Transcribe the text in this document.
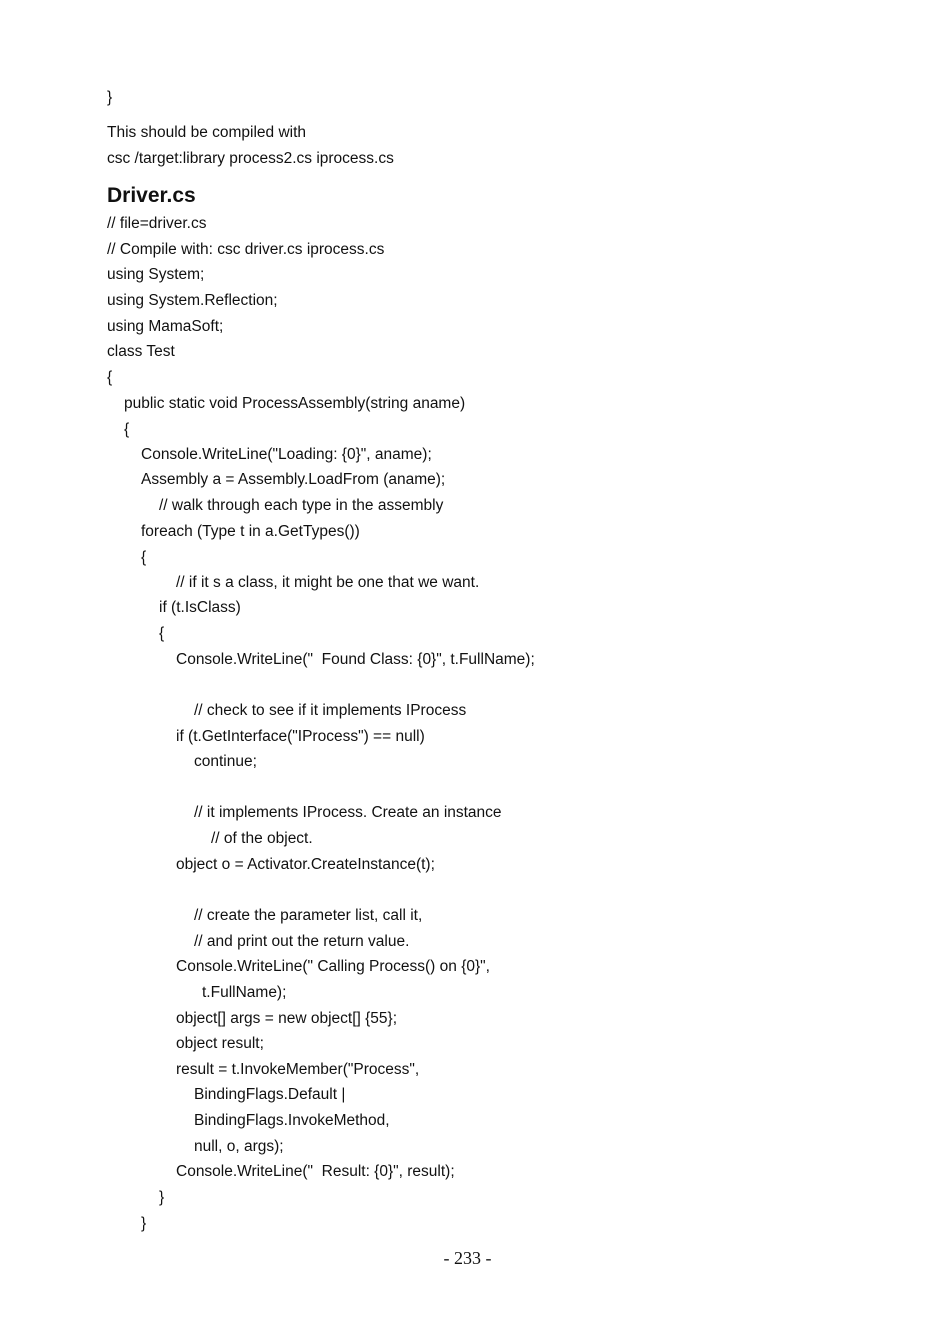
}
This should be compiled with
csc /target:library process2.cs iprocess.cs
Driver.cs
// file=driver.cs
// Compile with: csc driver.cs iprocess.cs
using System;
using System.Reflection;
using MamaSoft;
class Test
{
public static void ProcessAssembly(string aname)
{
Console.WriteLine("Loading: {0}", aname);
Assembly a = Assembly.LoadFrom (aname);
// walk through each type in the assembly
foreach (Type t in a.GetTypes())
{
// if it s a class, it might be one that we want.
if (t.IsClass)
{
Console.WriteLine("  Found Class: {0}", t.FullName);
// check to see if it implements IProcess
if (t.GetInterface("IProcess") == null)
continue;
// it implements IProcess. Create an instance
// of the object.
object o = Activator.CreateInstance(t);
// create the parameter list, call it,
// and print out the return value.
Console.WriteLine(" Calling Process() on {0}",
t.FullName);
object[] args = new object[] {55};
object result;
result = t.InvokeMember("Process",
BindingFlags.Default |
BindingFlags.InvokeMethod,
null, o, args);
Console.WriteLine("  Result: {0}", result);
}
}
- 233 -
